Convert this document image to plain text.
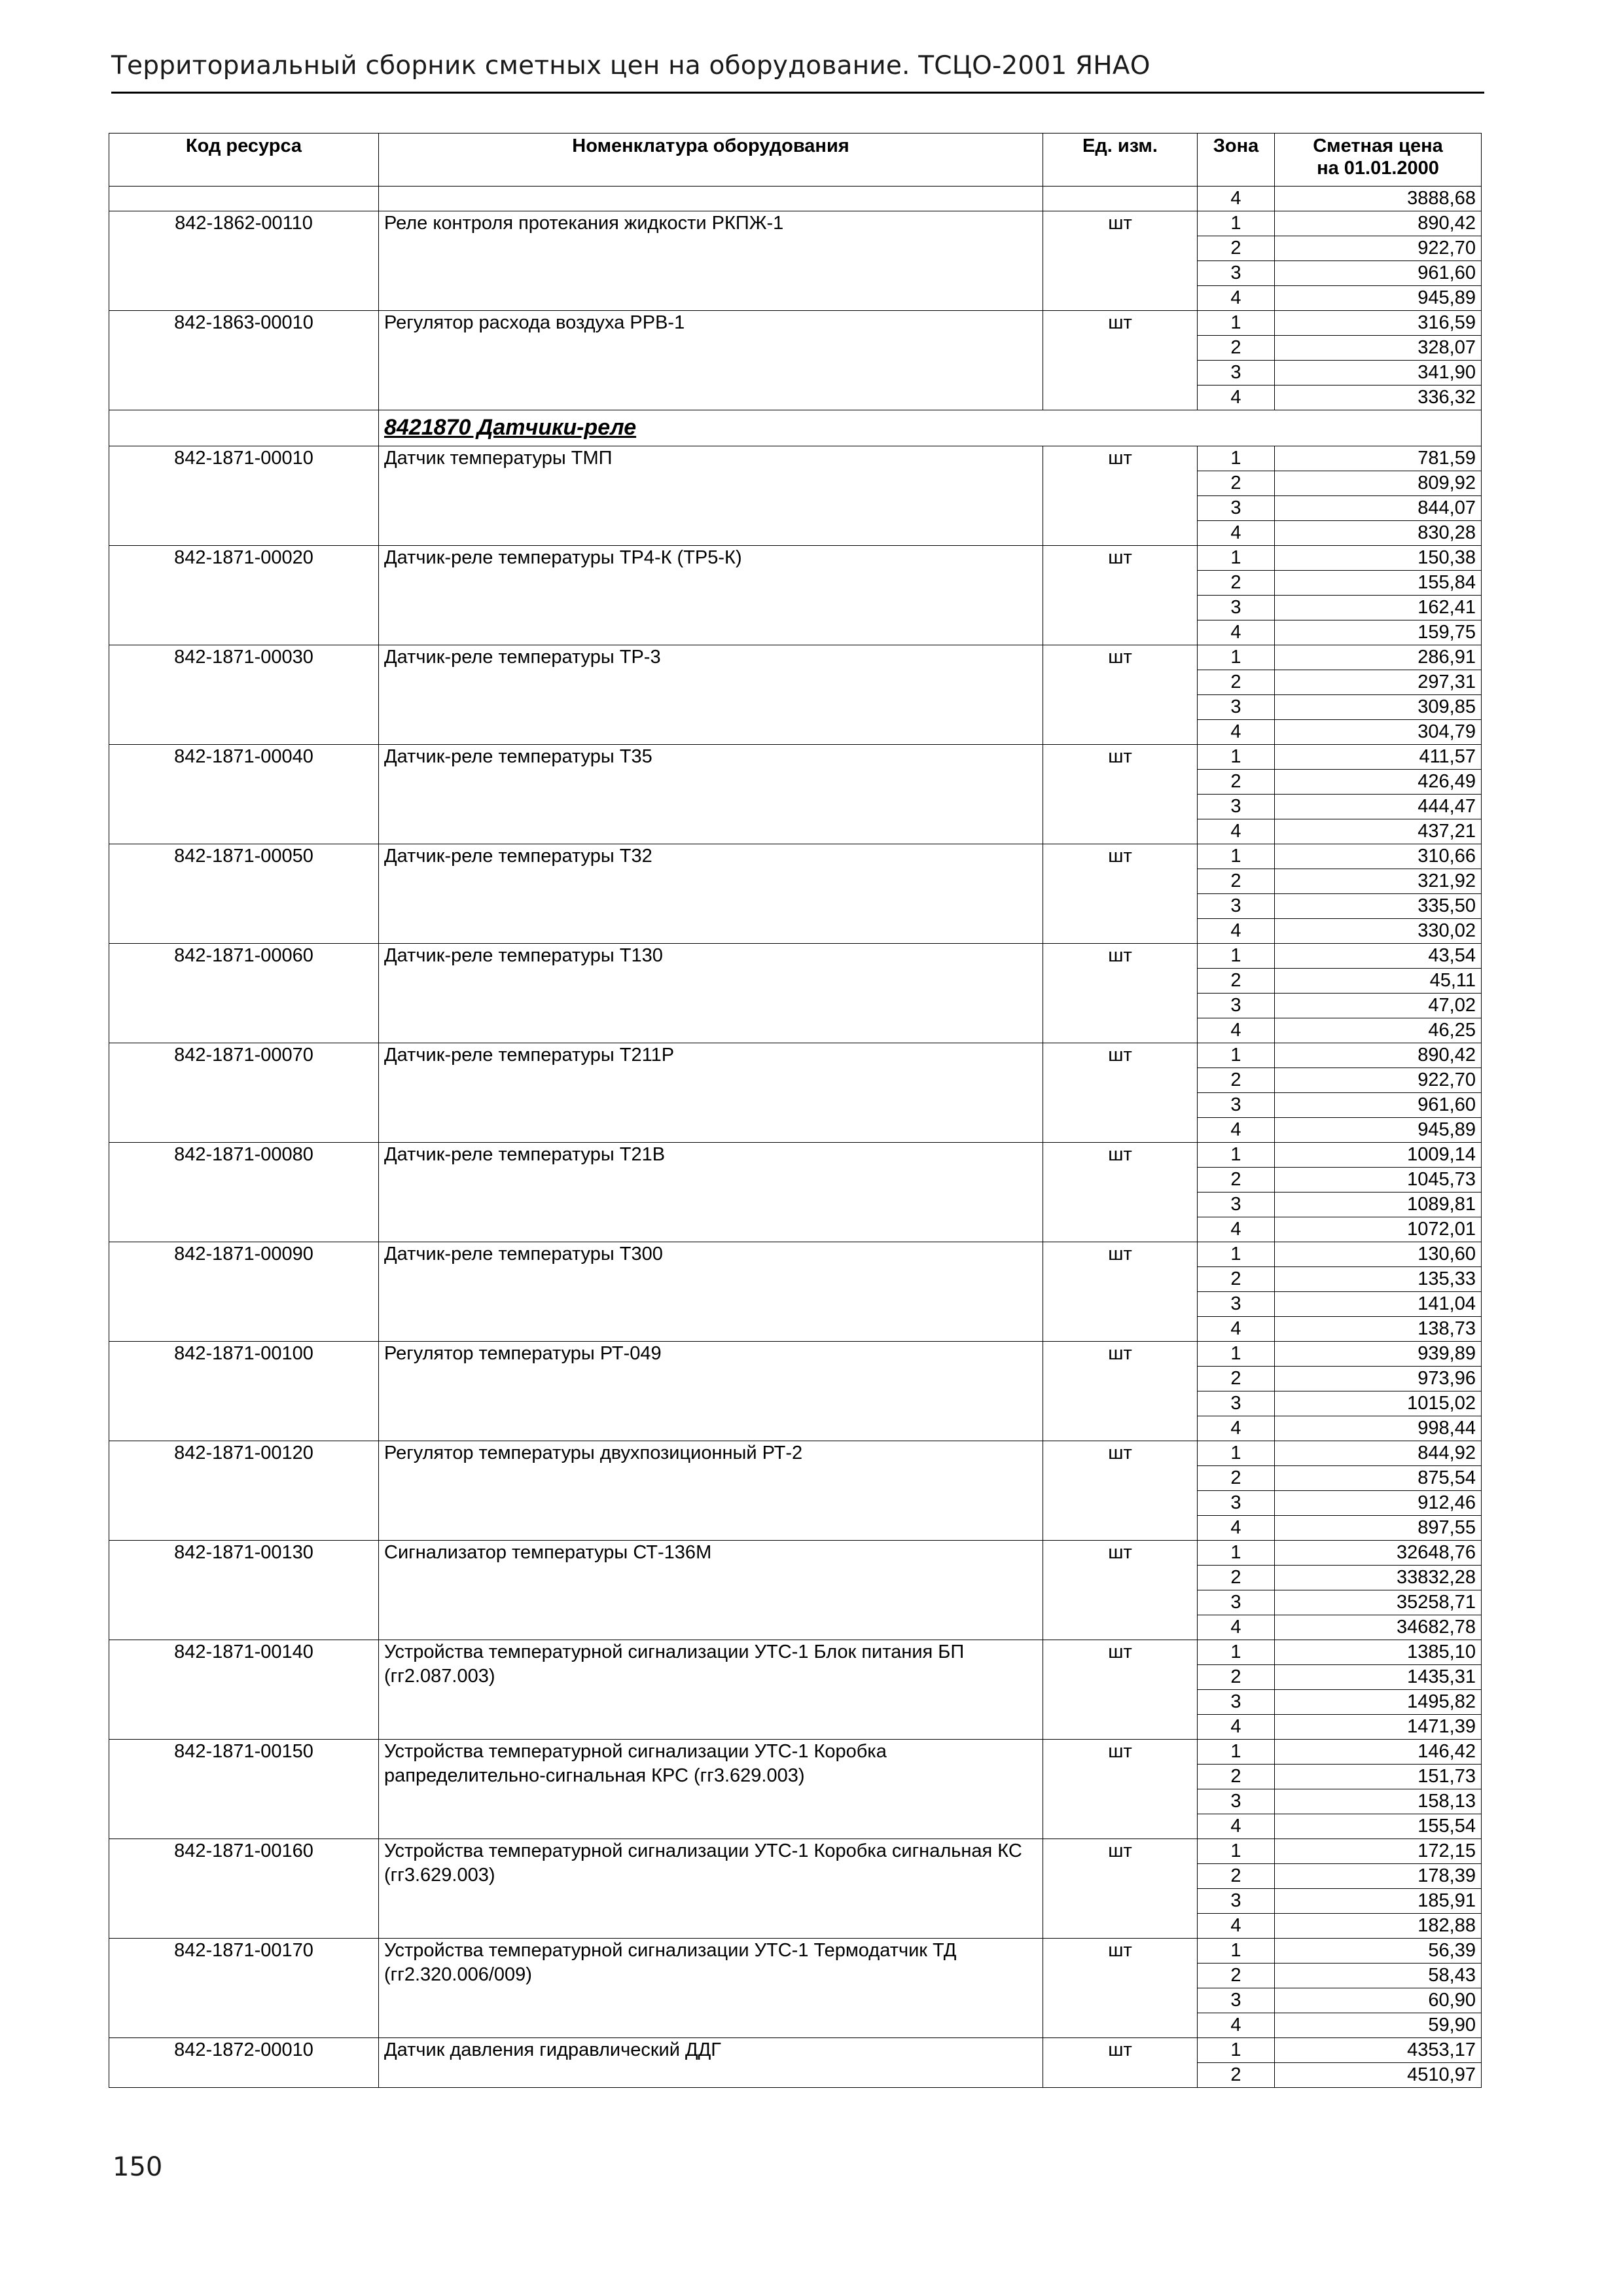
Территориальный сборник сметных цен на оборудование. ТСЦО-2001 ЯНАО
Код ресурса	Номенклатура оборудования	Ед. изм.	Зона	Сметная цена
на 01.01.2000

			4	3888,68
842-1862-00110	Реле контроля протекания жидкости РКПЖ-1	шт	1	890,42
			2	922,70
			3	961,60
			4	945,89
842-1863-00010	Регулятор расхода воздуха РРВ-1	шт	1	316,59
			2	328,07
			3	341,90
			4	336,32
	8421870 Датчики-реле			
842-1871-00010	Датчик температуры ТМП	шт	1	781,59
			2	809,92
			3	844,07
			4	830,28
842-1871-00020	Датчик-реле температуры ТР4-К (ТР5-К)	шт	1	150,38
			2	155,84
			3	162,41
			4	159,75
842-1871-00030	Датчик-реле температуры ТР-3	шт	1	286,91
			2	297,31
			3	309,85
			4	304,79
842-1871-00040	Датчик-реле температуры Т35	шт	1	411,57
			2	426,49
			3	444,47
			4	437,21
842-1871-00050	Датчик-реле температуры Т32	шт	1	310,66
			2	321,92
			3	335,50
			4	330,02
842-1871-00060	Датчик-реле температуры Т130	шт	1	43,54
			2	45,11
			3	47,02
			4	46,25
842-1871-00070	Датчик-реле температуры Т211Р	шт	1	890,42
			2	922,70
			3	961,60
			4	945,89
842-1871-00080	Датчик-реле температуры Т21В	шт	1	1009,14
			2	1045,73
			3	1089,81
			4	1072,01
842-1871-00090	Датчик-реле температуры Т300	шт	1	130,60
			2	135,33
			3	141,04
			4	138,73
842-1871-00100	Регулятор температуры РТ-049	шт	1	939,89
			2	973,96
			3	1015,02
			4	998,44
842-1871-00120	Регулятор температуры двухпозиционный РТ-2	шт	1	844,92
			2	875,54
			3	912,46
			4	897,55
842-1871-00130	Сигнализатор температуры СТ-136М	шт	1	32648,76
			2	33832,28
			3	35258,71
			4	34682,78
842-1871-00140	Устройства температурной сигнализации УТС-1 Блок питания БП (гг2.087.003)	шт	1	1385,10
			2	1435,31
			3	1495,82
			4	1471,39
842-1871-00150	Устройства температурной сигнализации УТС-1 Коробка рапределительно-сигнальная КРС (гг3.629.003)	шт	1	146,42
			2	151,73
			3	158,13
			4	155,54
842-1871-00160	Устройства температурной сигнализации УТС-1 Коробка сигнальная КС (гг3.629.003)	шт	1	172,15
			2	178,39
			3	185,91
			4	182,88
842-1871-00170	Устройства температурной сигнализации УТС-1 Термодатчик ТД (гг2.320.006/009)	шт	1	56,39
			2	58,43
			3	60,90
			4	59,90
842-1872-00010	Датчик давления гидравлический ДДГ	шт	1	4353,17
			2	4510,97
150
